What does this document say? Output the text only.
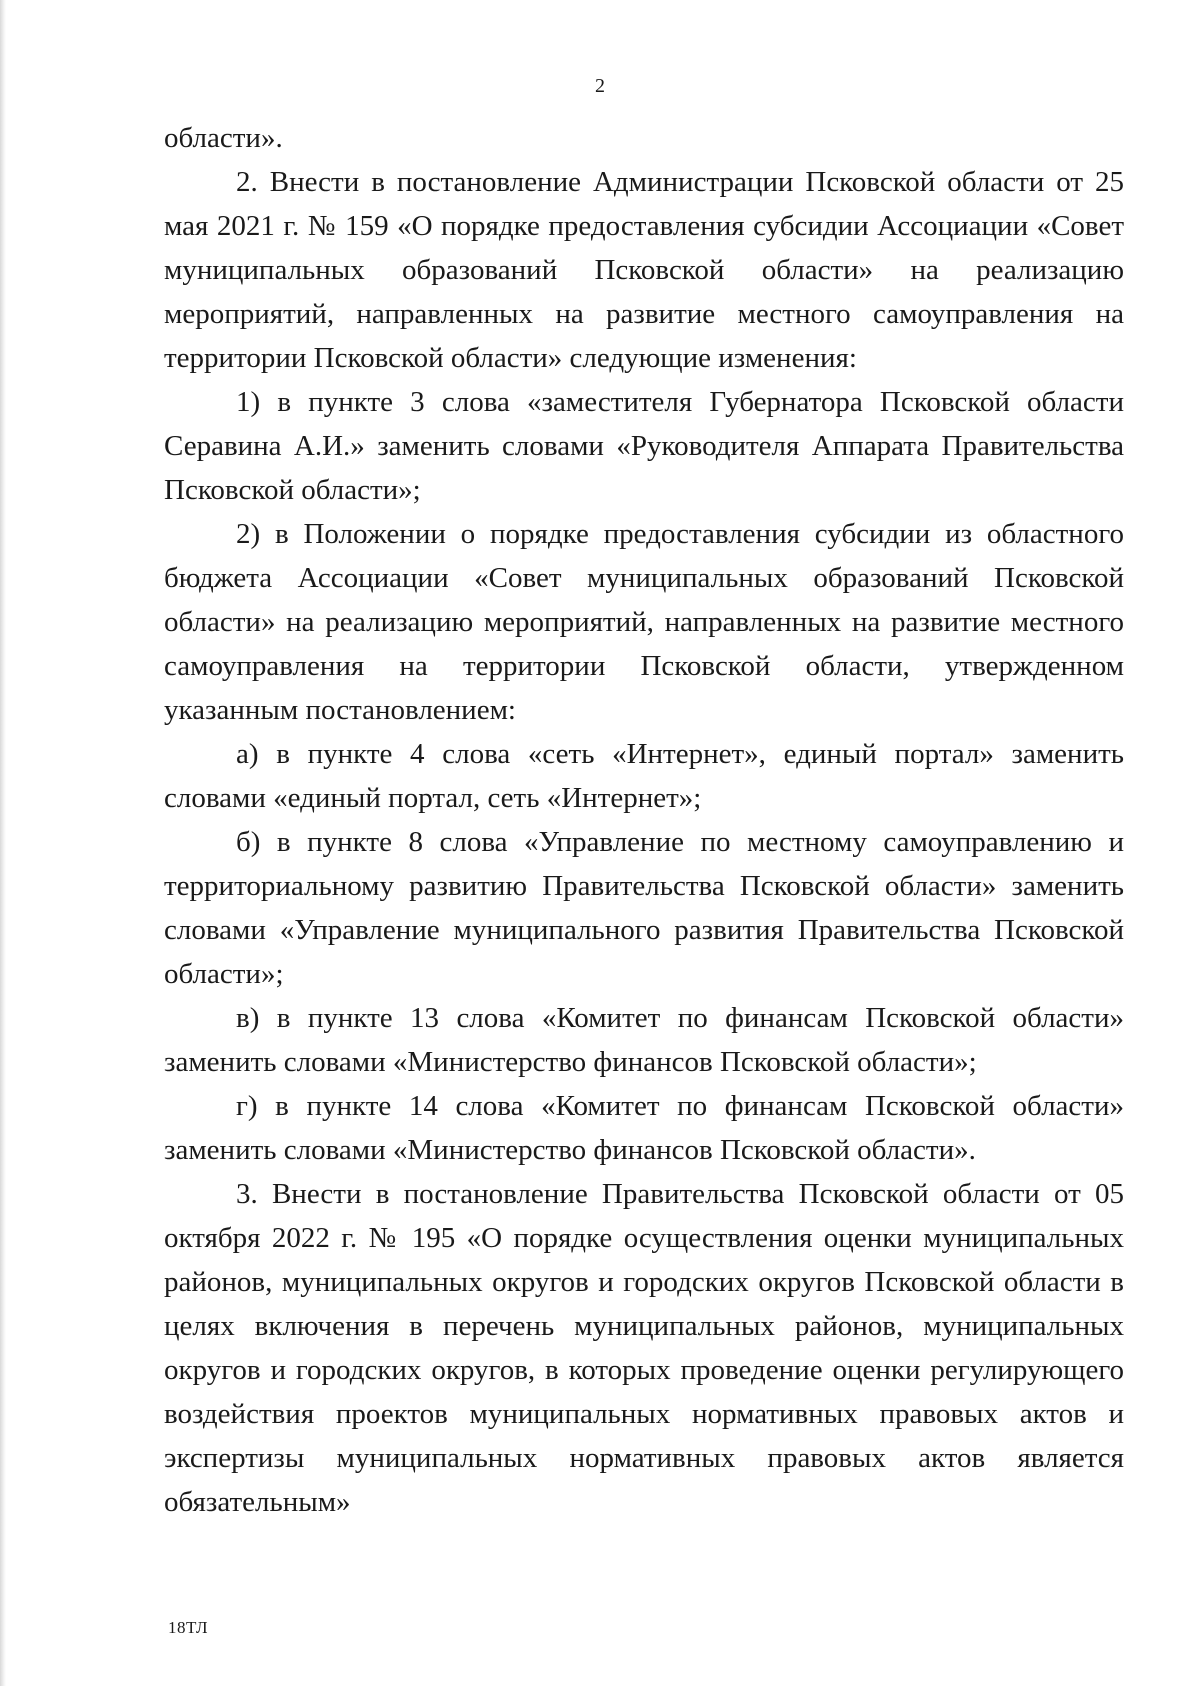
2

области».

2. Внести в постановление Администрации Псковской области от 25 мая 2021 г. № 159 «О порядке предоставления субсидии Ассоциации «Совет муниципальных образований Псковской области» на реализацию мероприятий, направленных на развитие местного самоуправления на территории Псковской области» следующие изменения:

1) в пункте 3 слова «заместителя Губернатора Псковской области Серавина А.И.» заменить словами «Руководителя Аппарата Правительства Псковской области»;

2) в Положении о порядке предоставления субсидии из областного бюджета Ассоциации «Совет муниципальных образований Псковской области» на реализацию мероприятий, направленных на развитие местного самоуправления на территории Псковской области, утвержденном указанным постановлением:

а) в пункте 4 слова «сеть «Интернет», единый портал» заменить словами «единый портал, сеть «Интернет»;

б) в пункте 8 слова «Управление по местному самоуправлению и территориальному развитию Правительства Псковской области» заменить словами «Управление муниципального развития Правительства Псковской области»;

в) в пункте 13 слова «Комитет по финансам Псковской области» заменить словами «Министерство финансов Псковской области»;

г) в пункте 14 слова «Комитет по финансам Псковской области» заменить словами «Министерство финансов Псковской области».

3. Внести в постановление Правительства Псковской области от 05 октября 2022 г. № 195 «О порядке осуществления оценки муниципальных районов, муниципальных округов и городских округов Псковской области в целях включения в перечень муниципальных районов, муниципальных округов и городских округов, в которых проведение оценки регулирующего воздействия проектов муниципальных нормативных правовых актов и экспертизы муниципальных нормативных правовых актов является обязательным»

18ТЛ
